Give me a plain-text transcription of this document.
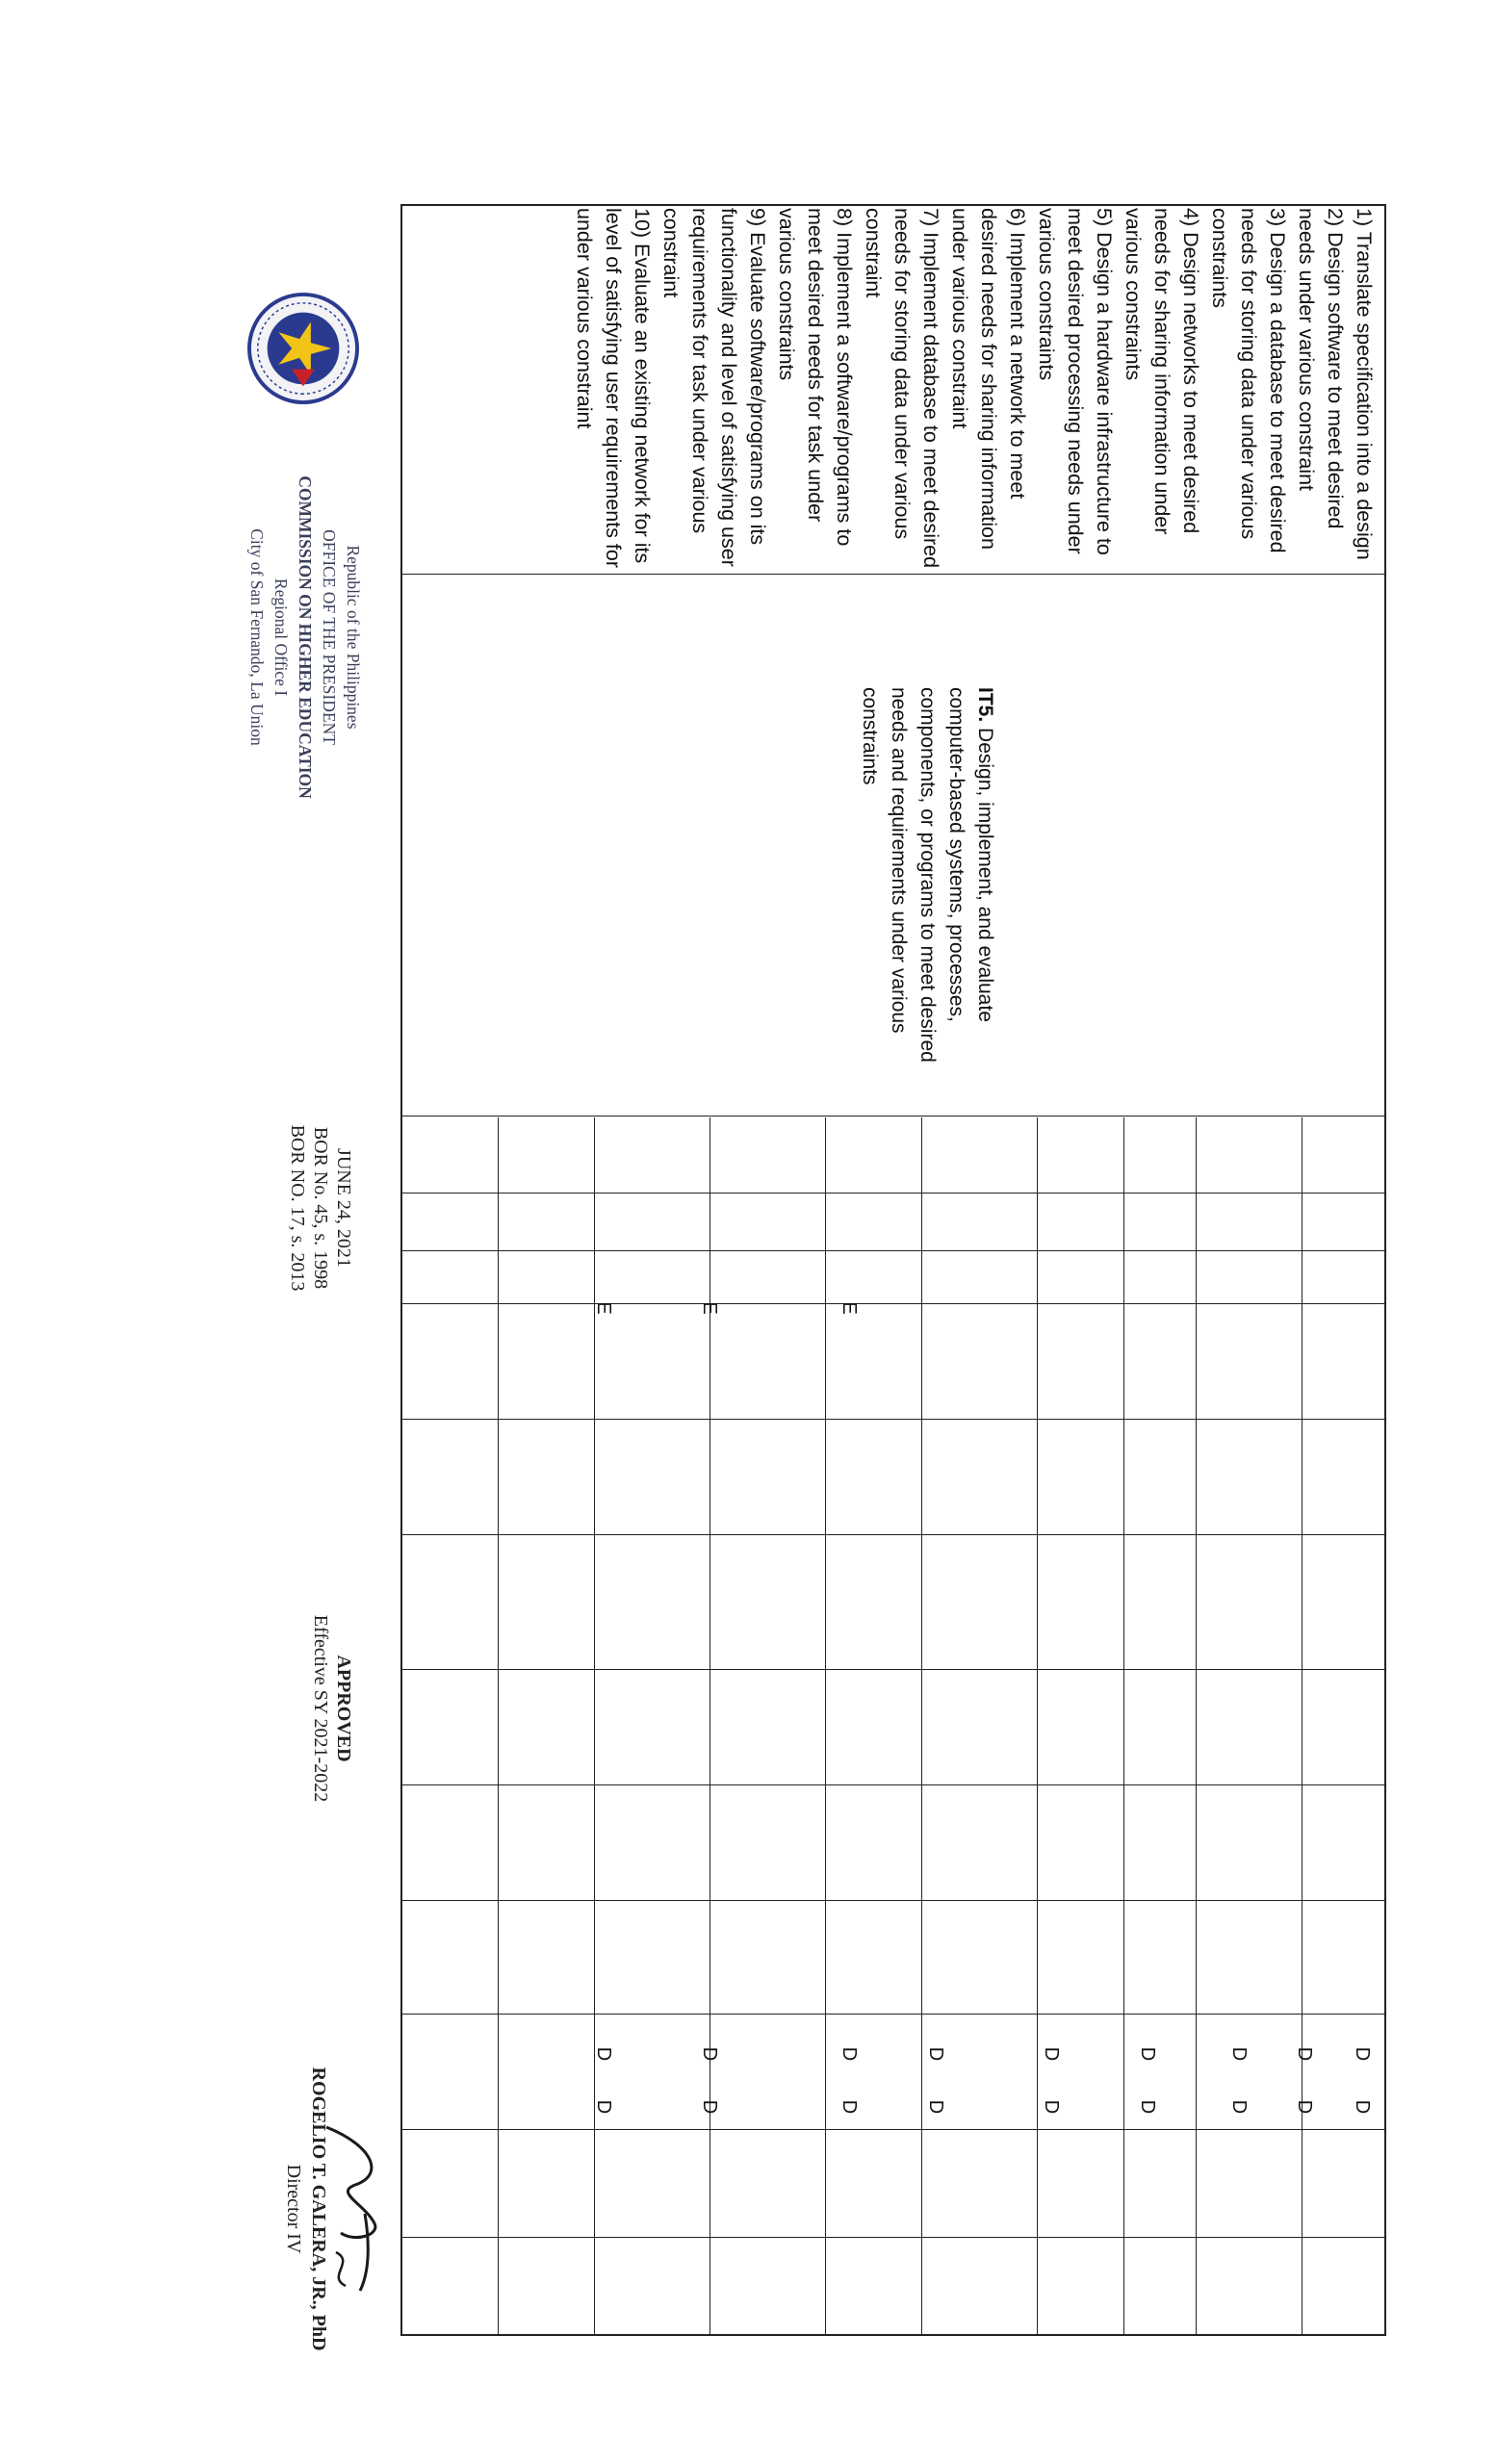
1) Translate specification into a design
2) Design software to meet desired needs under various constraint
3) Design a database to meet desired needs for storing data under various constraints
4) Design networks to meet desired needs for sharing information under various constraints
5) Design a hardware infrastructure to meet desired processing needs under various constraints
6) Implement a network to meet desired needs for sharing information under various constraint
7) Implement database to meet desired needs for storing data under various constraint
8) Implement a software/programs to meet desired needs for task under various constraints
9) Evaluate software/programs on its functionality and level of satisfying user requirements for task under various constraint
10) Evaluate an existing network for its level of satisfying user requirements for under various constraint

IT5. Design, implement, and evaluate computer-based systems, processes, components, or programs to meet desired needs and requirements under various constraints

E
E
E
D
D
D
D
D
D
D
D
D
D
D
D
D
D
D
D
D
D
Republic of the Philippines
OFFICE OF THE PRESIDENT
COMMISSION ON HIGHER EDUCATION
Regional Office I
City of San Fernando, La Union
JUNE 24, 2021
BOR No. 45, s. 1998
BOR NO. 17, s. 2013
APPROVED
Effective SY 2021-2022
ROGELIO T. GALERA, JR., PhD
Director IV
